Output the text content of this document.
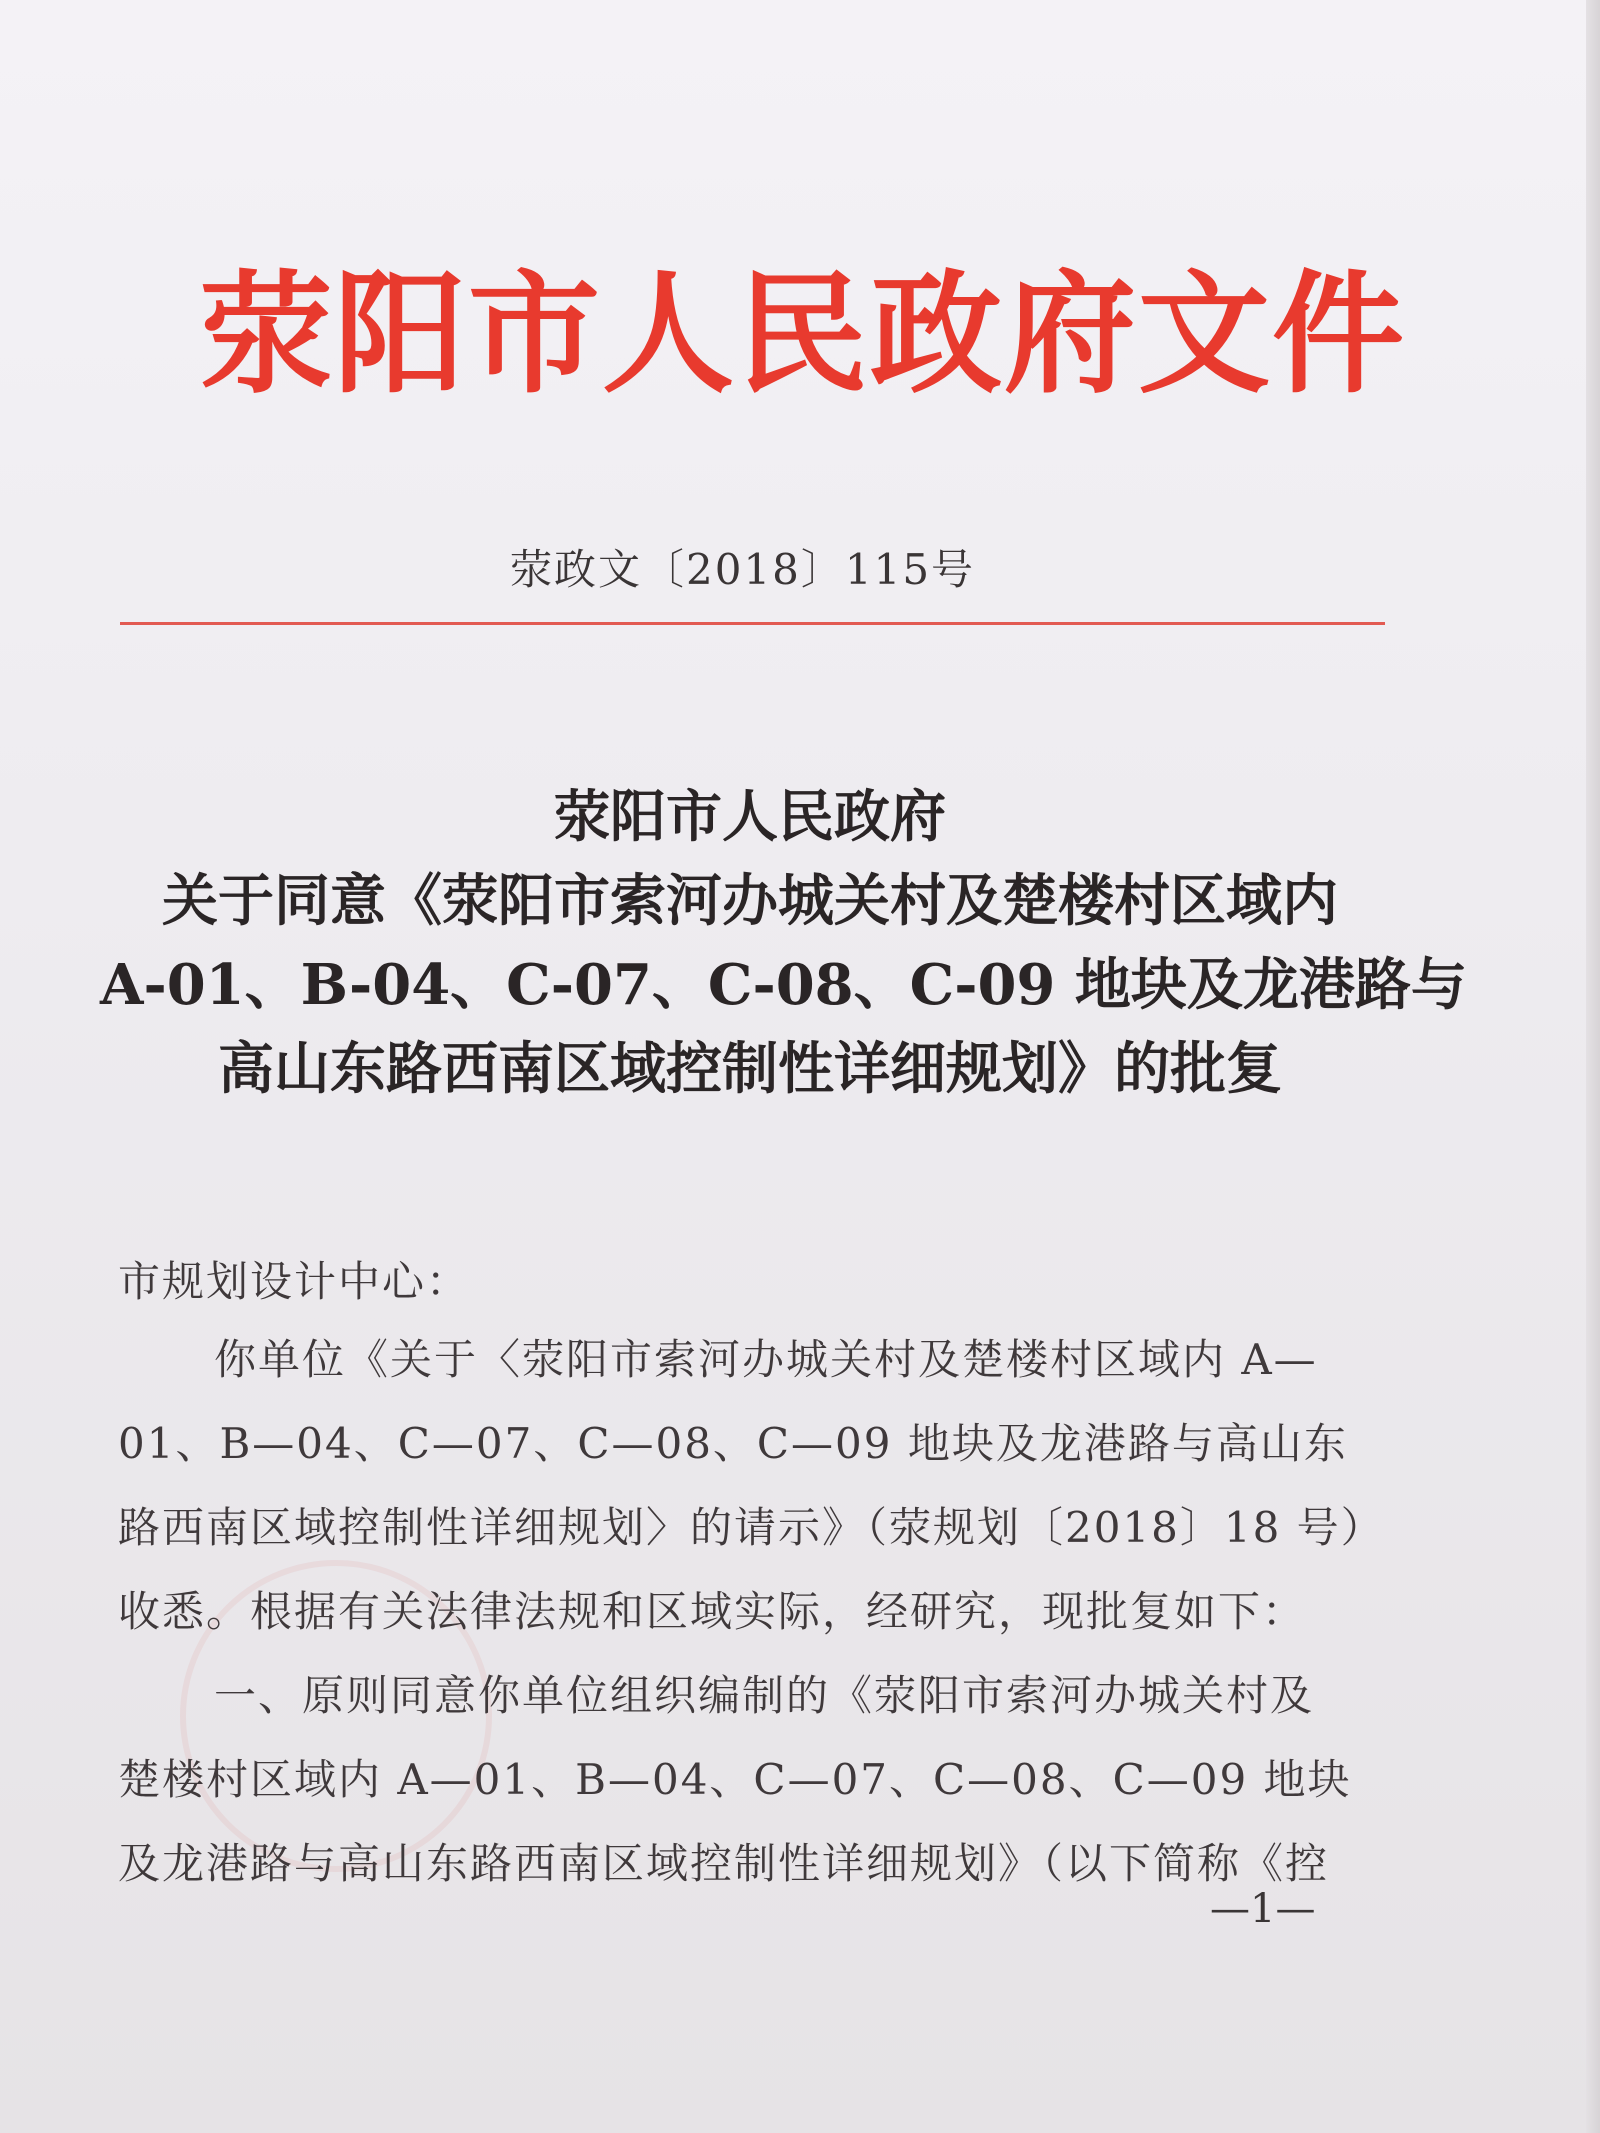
荥阳市人民政府文件
荥政文〔2018〕115号
荥阳市人民政府
关于同意《荥阳市索河办城关村及楚楼村区域内
A-01、B-04、C-07、C-08、C-09 地块及龙港路与
高山东路西南区域控制性详细规划》的批复
市规划设计中心：
你单位《关于〈荥阳市索河办城关村及楚楼村区域内 A—
01、B—04、C—07、C—08、C—09 地块及龙港路与高山东
路西南区域控制性详细规划〉的请示》（荥规划〔2018〕18 号）
收悉。根据有关法律法规和区域实际，经研究，现批复如下：
一、原则同意你单位组织编制的《荥阳市索河办城关村及
楚楼村区域内 A—01、B—04、C—07、C—08、C—09 地块
及龙港路与高山东路西南区域控制性详细规划》（以下简称《控
—1—
